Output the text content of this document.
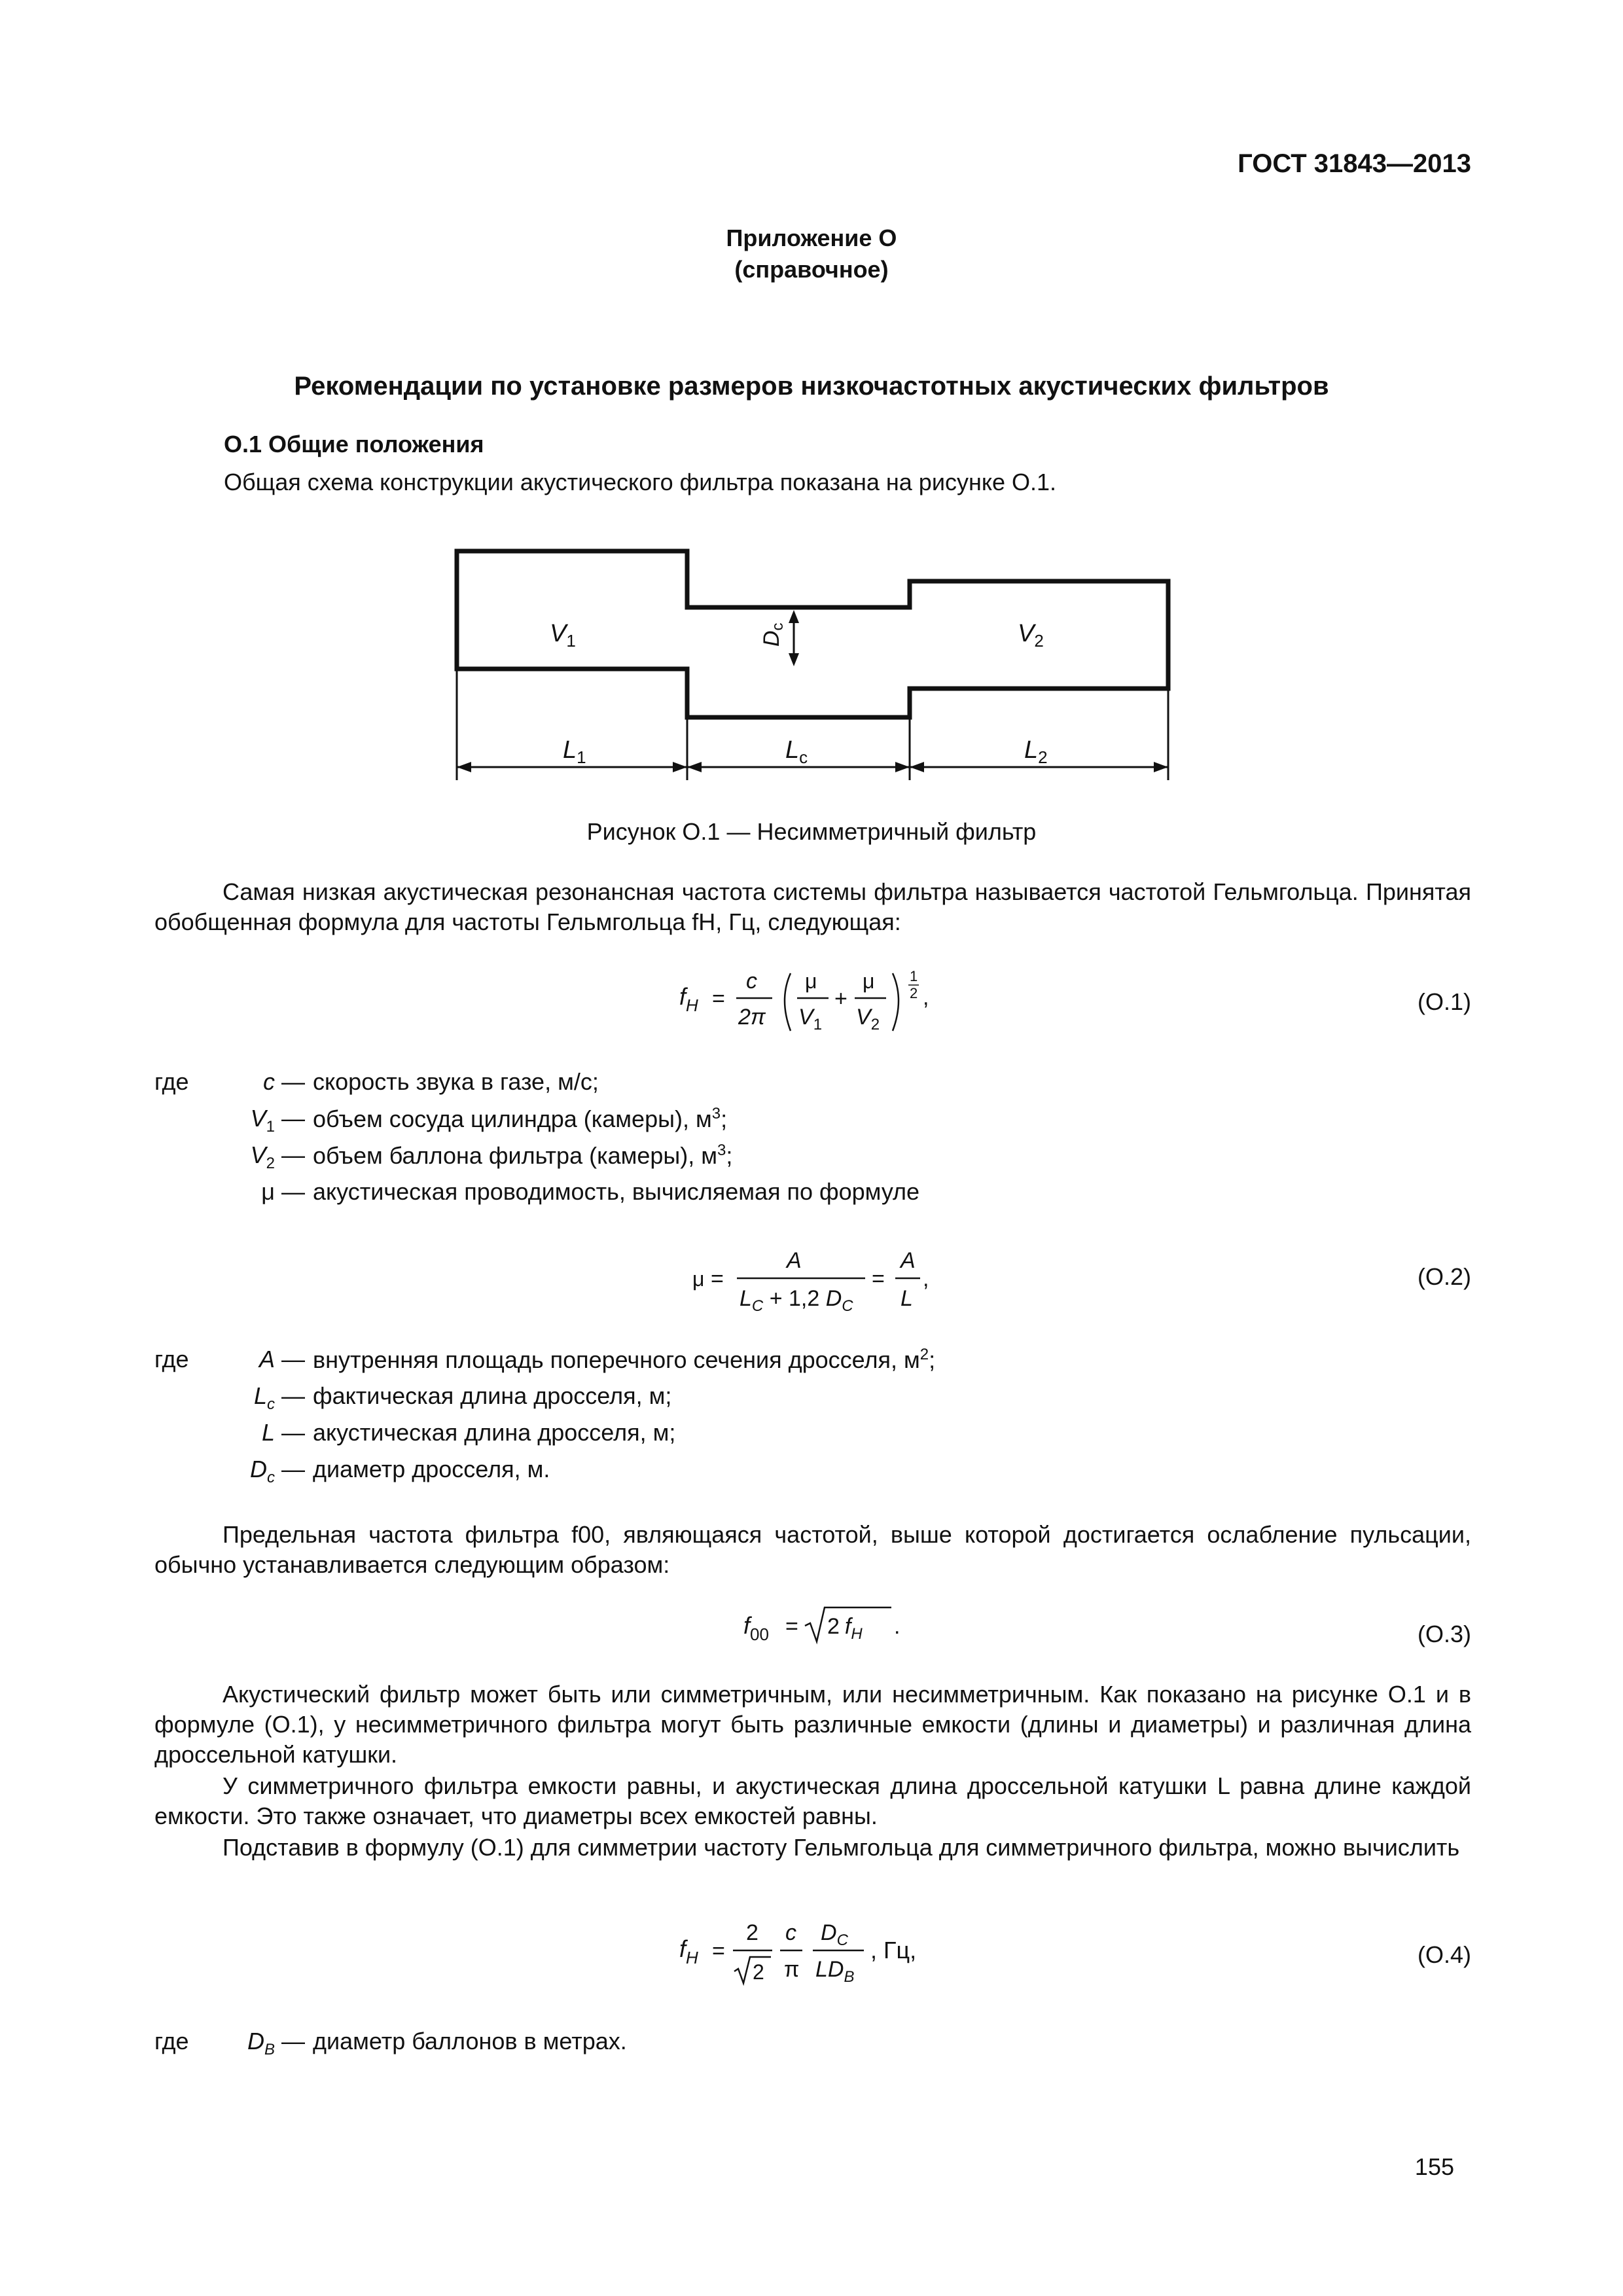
ГОСТ 31843—2013
Приложение О
(справочное)
Рекомендации по установке размеров низкочастотных акустических фильтров
О.1 Общие положения
Общая схема конструкции акустического фильтра показана на рисунке О.1.
Dc
$V_1$	$V_2$
$L_1$	$L_c$	$L_2$
Рисунок О.1 — Несимметричный фильтр
Самая низкая акустическая резонансная частота системы фильтра называется частотой Гельмгольца. Принятая обобщенная формула для частоты Гельмгольца fH, Гц, следующая:
$f_H$ =
c
2π
μ
$V_1$
+
μ
$V_2$
1
2 ,	(О.1)
где	c — скорость звука в газе, м/с;
$V_1$ — объем сосуда цилиндра (камеры), $м^3$;
$V_2$ — объем баллона фильтра (камеры), $м^3$;
μ — акустическая проводимость, вычисляемая по формуле
μ =
A
$L_C + 1,2$ $D_C$
=
A
L
,	(О.2)
где	A — внутренняя площадь поперечного сечения дросселя, $м^2$;
$L_c$ — фактическая длина дросселя, м;
L — акустическая длина дросселя, м;
$D_c$ — диаметр дросселя, м.
Предельная частота фильтра f00, являющаяся частотой, выше которой достигается ослабление пульсации, обычно устанавливается следующим образом:
$f_{00} = 2$ $f_H$ .	(О.3)
Акустический фильтр может быть или симметричным, или несимметричным. Как показано на рисунке О.1 и в формуле (О.1), у несимметричного фильтра могут быть различные емкости (длины и диаметры) и различная длина дроссельной катушки.
У симметричного фильтра емкости равны, и акустическая длина дроссельной катушки L равна длине каждой емкости. Это также означает, что диаметры всех емкостей равны.
Подставив в формулу (О.1) для симметрии частоту Гельмгольца для симметричного фильтра, можно вычислить
$f_H$ =
2
2
c
π
$D_C$
$LD_B$
, Гц,	(О.4)
где	$D_B$ — диаметр баллонов в метрах.
155
